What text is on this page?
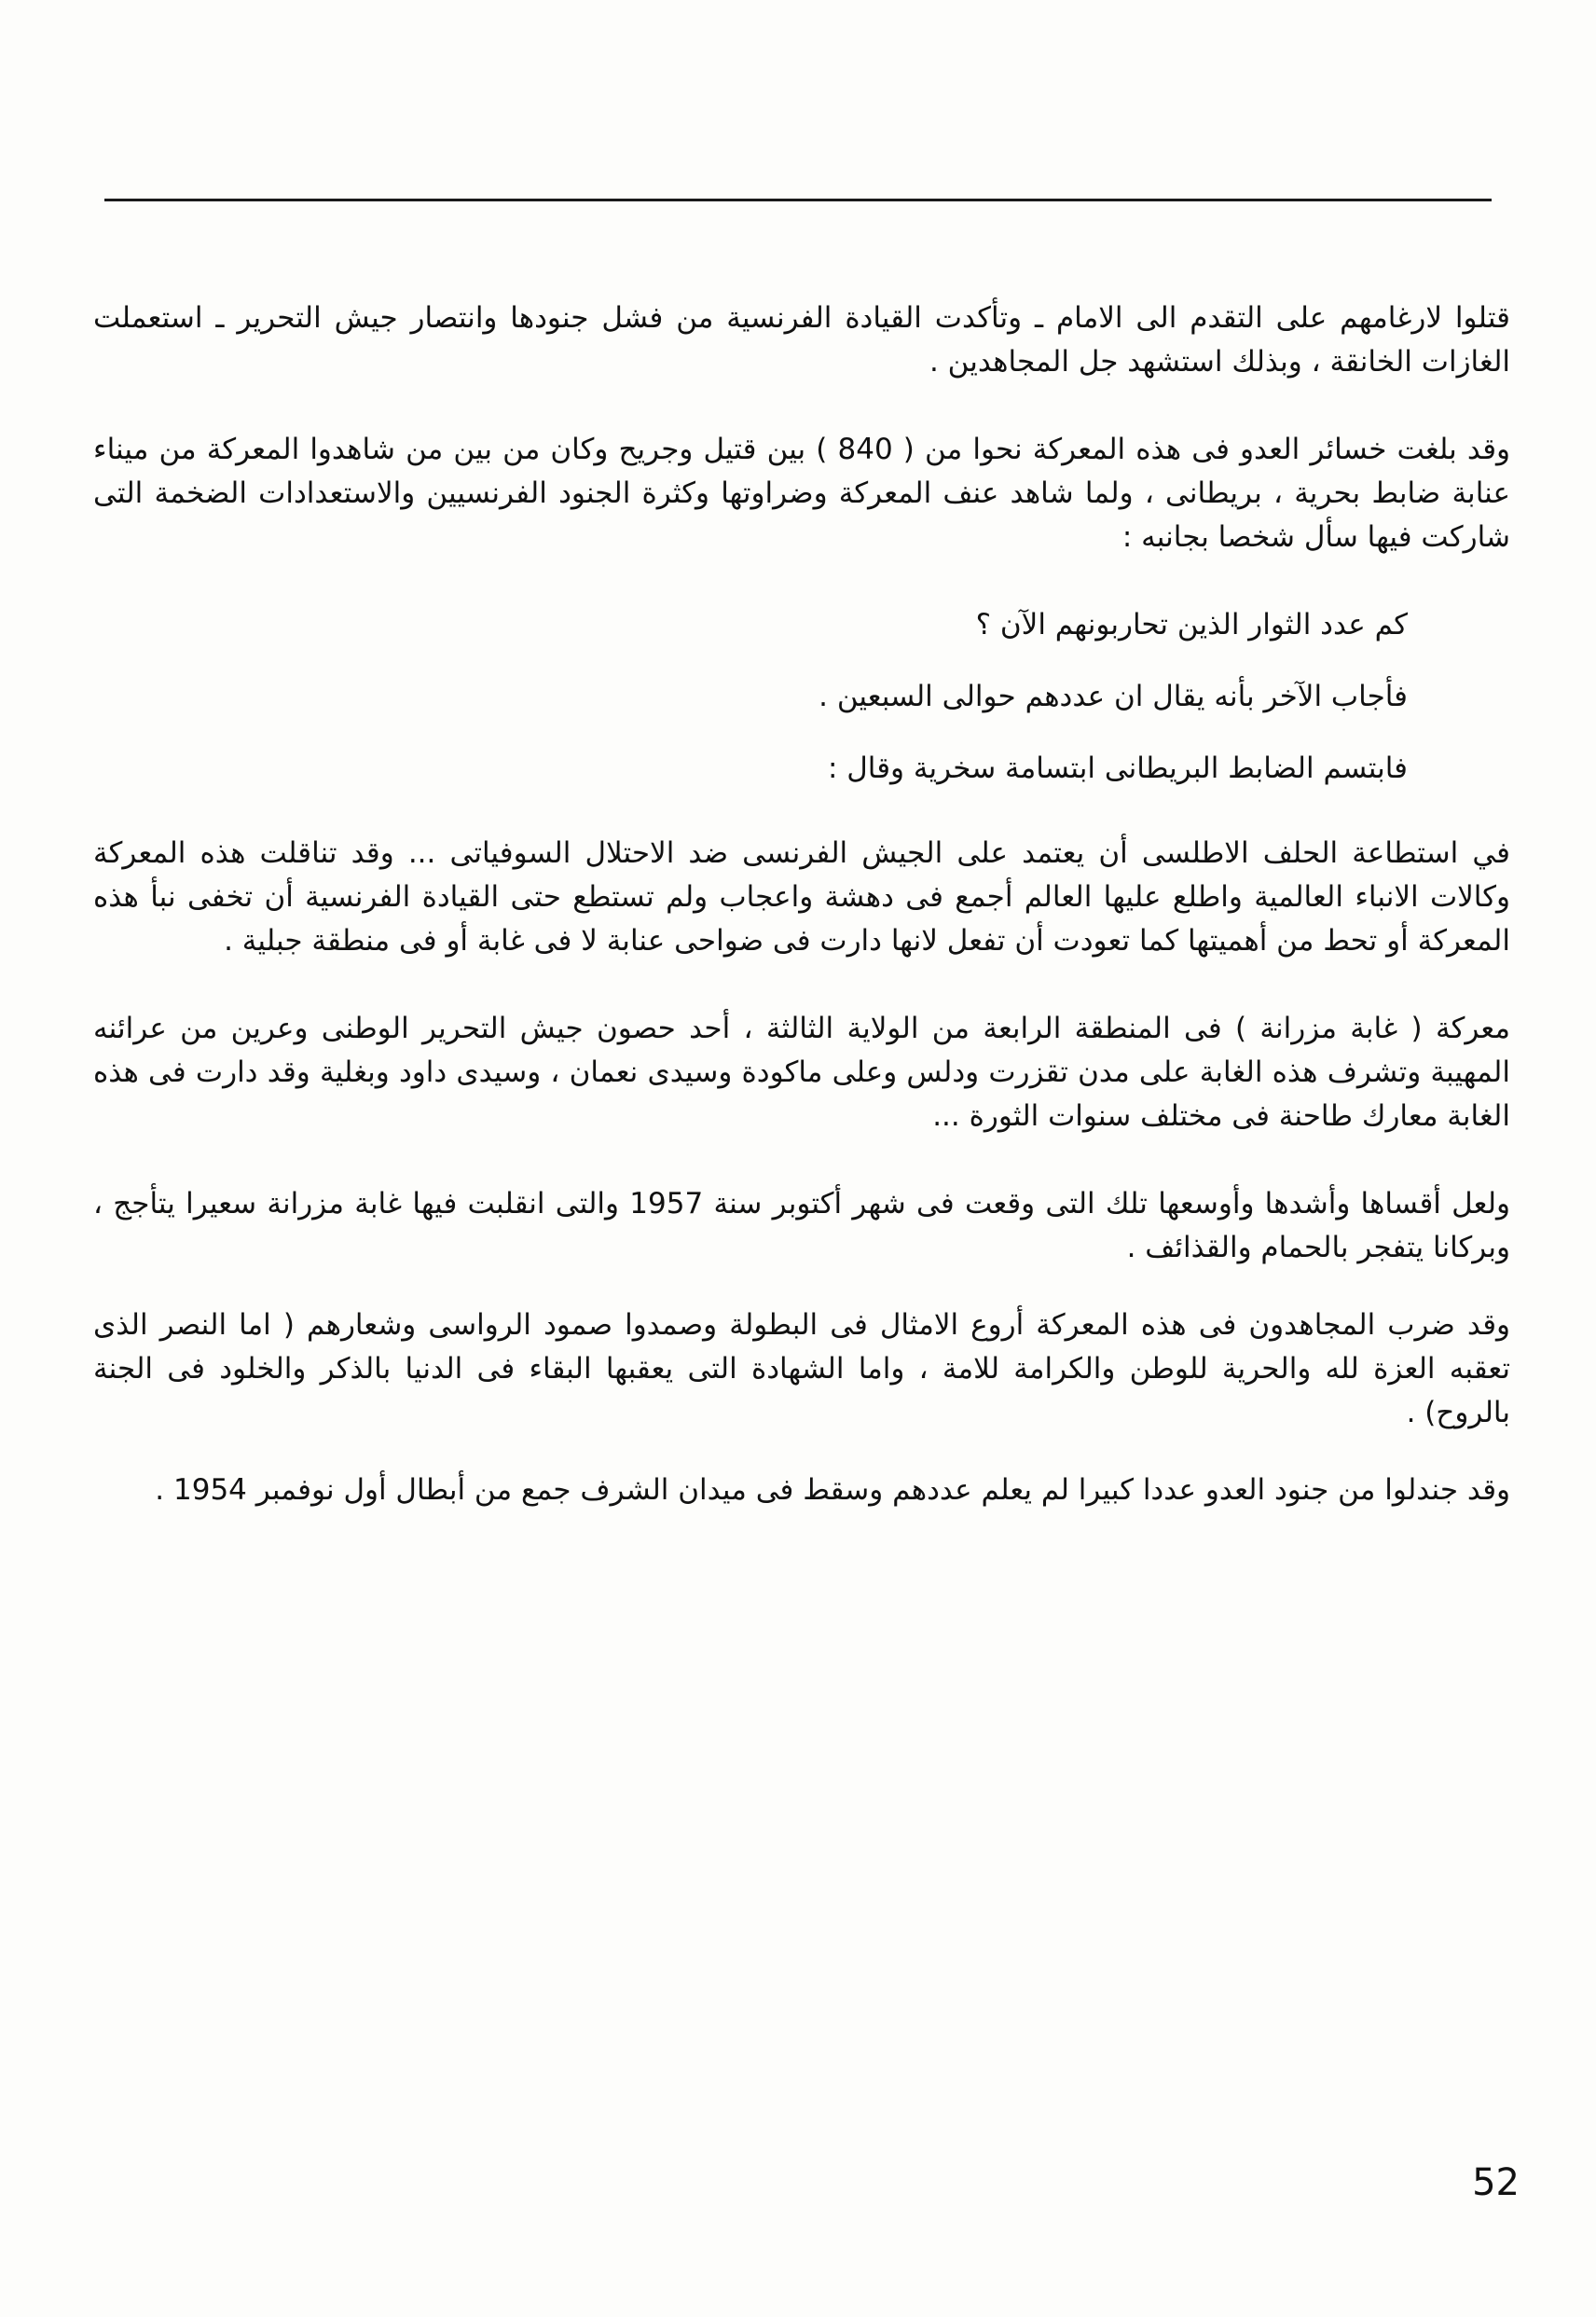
قتلوا لارغامهم على التقدم الى الامام ـ وتأكدت القيادة الفرنسية من فشل جنودها وانتصار جيش التحرير ـ استعملت الغازات الخانقة ، وبذلك استشهد جل المجاهدين .

وقد بلغت خسائر العدو فى هذه المعركة نحوا من ( 840 ) بين قتيل وجريح وكان من بين من شاهدوا المعركة من ميناء عنابة ضابط بحرية ، بريطانى ، ولما شاهد عنف المعركة وضراوتها وكثرة الجنود الفرنسيين والاستعدادات الضخمة التى شاركت فيها سأل شخصا بجانبه :

كم عدد الثوار الذين تحاربونهم الآن ؟

فأجاب الآخر بأنه يقال ان عددهم حوالى السبعين .

فابتسم الضابط البريطانى ابتسامة سخرية وقال :

في استطاعة الحلف الاطلسى أن يعتمد على الجيش الفرنسى ضد الاحتلال السوفياتى ... وقد تناقلت هذه المعركة وكالات الانباء العالمية واطلع عليها العالم أجمع فى دهشة واعجاب ولم تستطع حتى القيادة الفرنسية أن تخفى نبأ هذه المعركة أو تحط من أهميتها كما تعودت أن تفعل لانها دارت فى ضواحى عنابة لا فى غابة أو فى منطقة جبلية .

معركة ( غابة مزرانة ) فى المنطقة الرابعة من الولاية الثالثة ، أحد حصون جيش التحرير الوطنى وعرين من عرائنه المهيبة وتشرف هذه الغابة على مدن تقزرت ودلس وعلى ماكودة وسيدى نعمان ، وسيدى داود وبغلية وقد دارت فى هذه الغابة معارك طاحنة فى مختلف سنوات الثورة ...

ولعل أقساها وأشدها وأوسعها تلك التى وقعت فى شهر أكتوبر سنة 1957 والتى انقلبت فيها غابة مزرانة سعيرا يتأجج ، وبركانا يتفجر بالحمام والقذائف .

وقد ضرب المجاهدون فى هذه المعركة أروع الامثال فى البطولة وصمدوا صمود الرواسى وشعارهم ( اما النصر الذى تعقبه العزة لله والحرية للوطن والكرامة للامة ، واما الشهادة التى يعقبها البقاء فى الدنيا بالذكر والخلود فى الجنة بالروح) .

وقد جندلوا من جنود العدو عددا كبيرا لم يعلم عددهم وسقط فى ميدان الشرف جمع من أبطال أول نوفمبر 1954 .

52
